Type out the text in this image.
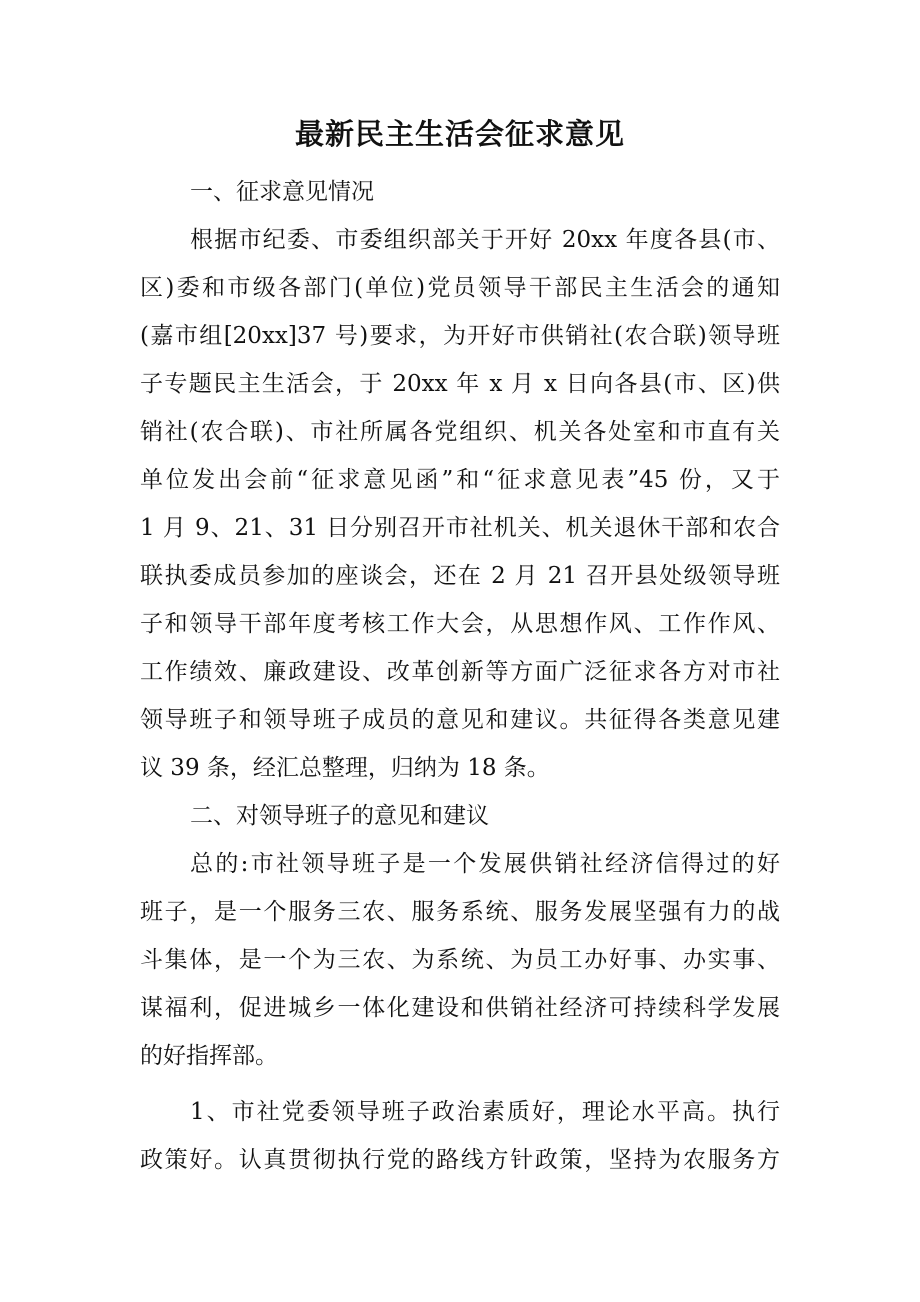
最新民主生活会征求意见

一、征求意见情况

根据市纪委、市委组织部关于开好 20xx 年度各县(市、

区)委和市级各部门(单位)党员领导干部民主生活会的通知

(嘉市组[20xx]37 号)要求，为开好市供销社(农合联)领导班

子专题民主生活会，于 20xx 年 x 月 x 日向各县(市、区)供

销社(农合联)、市社所属各党组织、机关各处室和市直有关

单位发出会前“征求意见函”和“征求意见表”45 份，又于

1 月 9、21、31 日分别召开市社机关、机关退休干部和农合

联执委成员参加的座谈会，还在 2 月 21 召开县处级领导班

子和领导干部年度考核工作大会，从思想作风、工作作风、

工作绩效、廉政建设、改革创新等方面广泛征求各方对市社

领导班子和领导班子成员的意见和建议。共征得各类意见建

议 39 条，经汇总整理，归纳为 18 条。

二、对领导班子的意见和建议

总的:市社领导班子是一个发展供销社经济信得过的好

班子，是一个服务三农、服务系统、服务发展坚强有力的战

斗集体，是一个为三农、为系统、为员工办好事、办实事、

谋福利，促进城乡一体化建设和供销社经济可持续科学发展

的好指挥部。

1、市社党委领导班子政治素质好，理论水平高。执行

政策好。认真贯彻执行党的路线方针政策，坚持为农服务方
